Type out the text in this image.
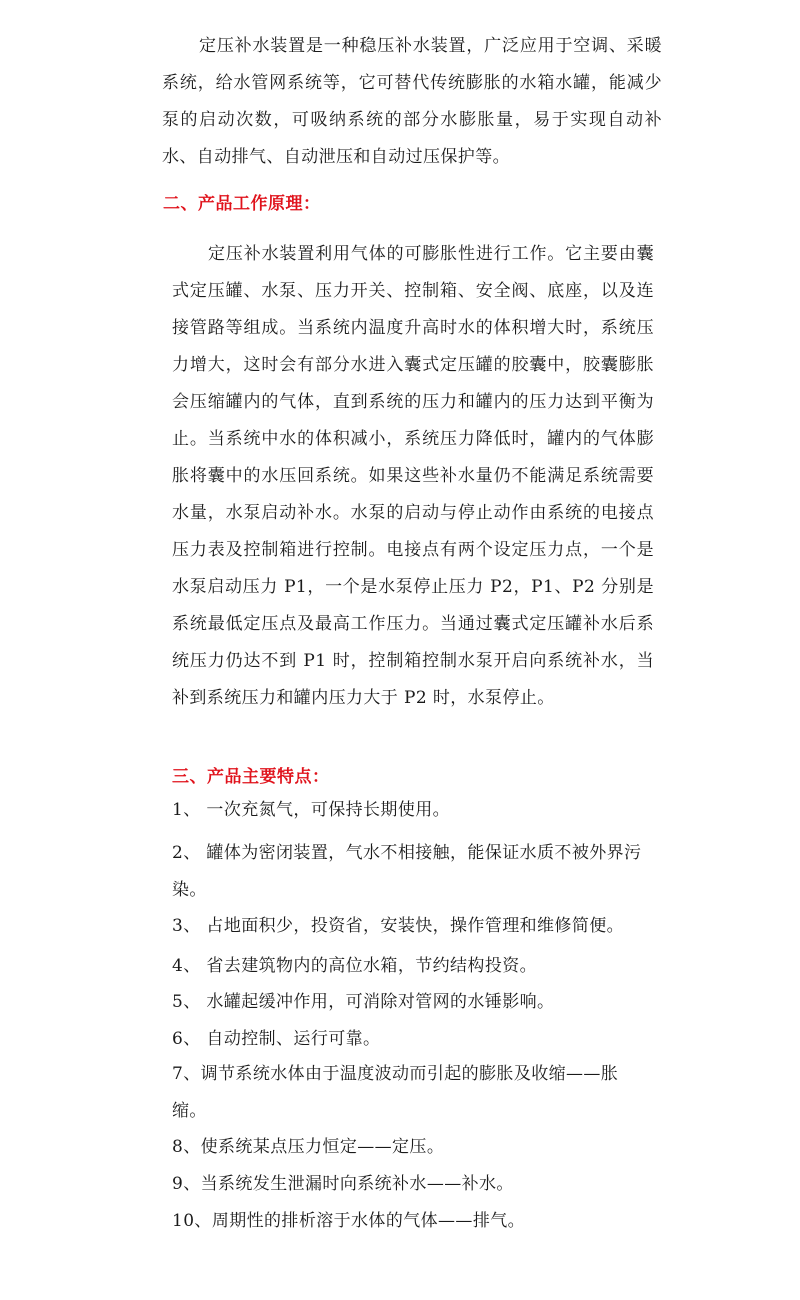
定压补水装置是一种稳压补水装置，广泛应用于空调、采暖系统，给水管网系统等，它可替代传统膨胀的水箱水罐，能减少泵的启动次数，可吸纳系统的部分水膨胀量，易于实现自动补水、自动排气、自动泄压和自动过压保护等。

二、产品工作原理：

定压补水装置利用气体的可膨胀性进行工作。它主要由囊式定压罐、水泵、压力开关、控制箱、安全阀、底座，以及连接管路等组成。当系统内温度升高时水的体积增大时，系统压力增大，这时会有部分水进入囊式定压罐的胶囊中，胶囊膨胀会压缩罐内的气体，直到系统的压力和罐内的压力达到平衡为止。当系统中水的体积减小，系统压力降低时，罐内的气体膨胀将囊中的水压回系统。如果这些补水量仍不能满足系统需要水量，水泵启动补水。水泵的启动与停止动作由系统的电接点压力表及控制箱进行控制。电接点有两个设定压力点，一个是水泵启动压力 P1，一个是水泵停止压力 P2，P1、P2 分别是系统最低定压点及最高工作压力。当通过囊式定压罐补水后系统压力仍达不到 P1 时，控制箱控制水泵开启向系统补水，当补到系统压力和罐内压力大于 P2 时，水泵停止。

三、产品主要特点：

1、 一次充氮气，可保持长期使用。

2、 罐体为密闭装置，气水不相接触，能保证水质不被外界污染。

3、 占地面积少，投资省，安装快，操作管理和维修简便。

4、 省去建筑物内的高位水箱，节约结构投资。

5、 水罐起缓冲作用，可消除对管网的水锤影响。

6、 自动控制、运行可靠。

7、调节系统水体由于温度波动而引起的膨胀及收缩——胀缩。

8、使系统某点压力恒定——定压。

9、当系统发生泄漏时向系统补水——补水。

10、周期性的排析溶于水体的气体——排气。
